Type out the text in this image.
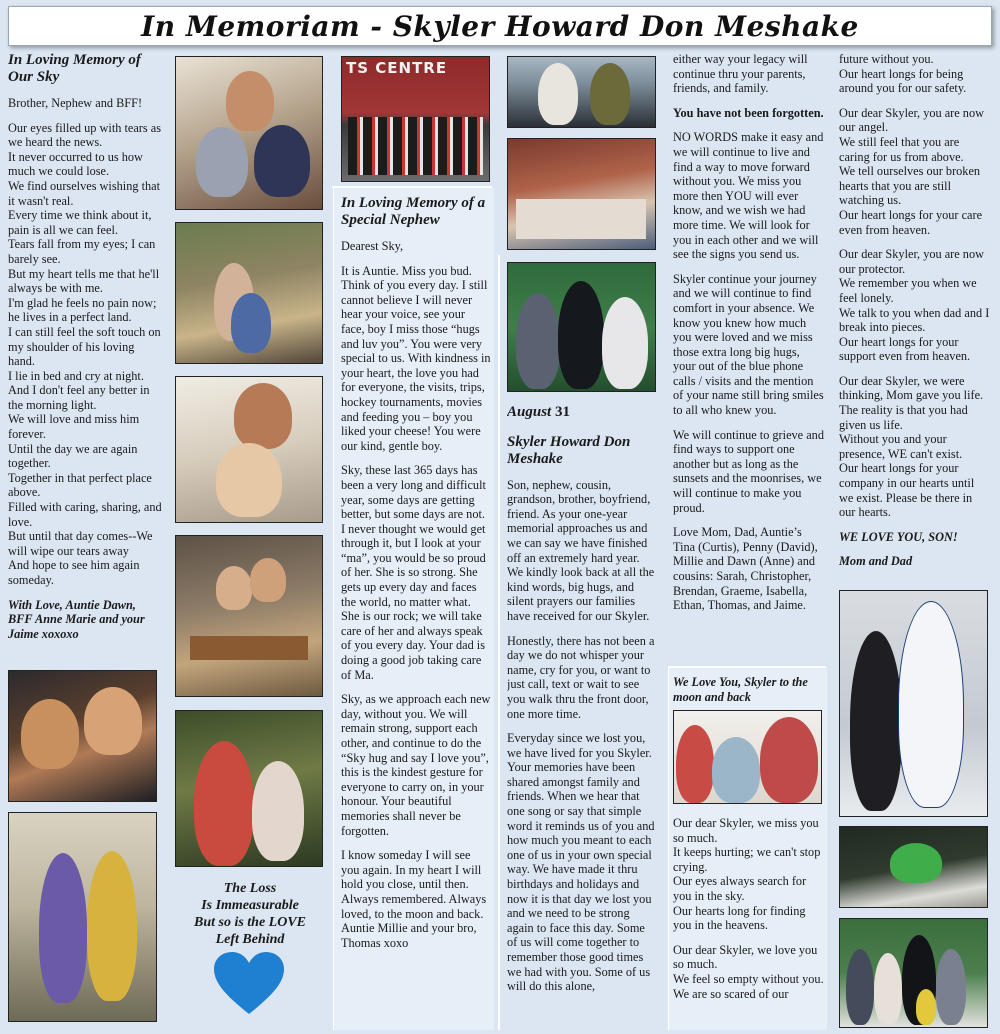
In Memoriam - Skyler Howard Don Meshake
In Loving Memory of Our Sky

Brother, Nephew and BFF!

Our eyes filled up with tears as we heard the news.
It never occurred to us how much we could lose.
We find ourselves wishing that it wasn't real.
Every time we think about it, pain is all we can feel.
Tears fall from my eyes; I can barely see.
But my heart tells me that he'll always be with me.
I'm glad he feels no pain now; he lives in a perfect land.
I can still feel the soft touch on my shoulder of his loving hand.
I lie in bed and cry at night.
And I don't feel any better in the morning light.
We will love and miss him forever.
Until the day we are again together.
Together in that perfect place above.
Filled with caring, sharing, and love.
But until that day comes--We will wipe our tears away
And hope to see him again someday.

With Love, Auntie Dawn, BFF Anne Marie and your Jaime xoxoxo

The Loss
Is Immeasurable
But so is the LOVE
Left Behind
TS CENTRE
In Loving Memory of a Special Nephew

Dearest Sky,

It is Auntie. Miss you bud. Think of you every day. I still cannot believe I will never hear your voice, see your face, boy I miss those “hugs and luv you”. You were very special to us. With kindness in your heart, the love you had for everyone, the visits, trips, hockey tournaments, movies and feeding you – boy you liked your cheese! You were our kind, gentle boy.

Sky, these last 365 days has been a very long and difficult year, some days are getting better, but some days are not. I never thought we would get through it, but I look at your “ma”, you would be so proud of her. She is so strong. She gets up every day and faces the world, no matter what. She is our rock; we will take care of her and always speak of you every day. Your dad is doing a good job taking care of Ma.

Sky, as we approach each new day, without you. We will remain strong, support each other, and continue to do the “Sky hug and say I love you”, this is the kindest gesture for everyone to carry on, in your honour. Your beautiful memories shall never be forgotten.

I know someday I will see you again. In my heart I will hold you close, until then. Always remembered. Always loved, to the moon and back. Auntie Millie and your bro, Thomas xoxo

August 31
Skyler Howard Don Meshake

Son, nephew, cousin, grandson, brother, boyfriend, friend. As your one-year memorial approaches us and we can say we have finished off an extremely hard year. We kindly look back at all the kind words, big hugs, and silent prayers our families have received for our Skyler.

Honestly, there has not been a day we do not whisper your name, cry for you, or want to just call, text or wait to see you walk thru the front door, one more time.

Everyday since we lost you, we have lived for you Skyler. Your memories have been shared amongst family and friends. When we hear that one song or say that simple word it reminds us of you and how much you meant to each one of us in your own special way. We have made it thru birthdays and holidays and now it is that day we lost you and we need to be strong again to face this day. Some of us will come together to remember those good times we had with you. Some of us will do this alone,

either way your legacy will continue thru your parents, friends, and family.

You have not been forgotten.

NO WORDS make it easy and we will continue to live and find a way to move forward without you. We miss you more then YOU will ever know, and we wish we had more time. We will look for you in each other and we will see the signs you send us.

Skyler continue your journey and we will continue to find comfort in your absence. We know you knew how much you were loved and we miss those extra long big hugs, your out of the blue phone calls / visits and the mention of your name still bring smiles to all who knew you.

We will continue to grieve and find ways to support one another but as long as the sunsets and the moonrises, we will continue to make you proud.

Love Mom, Dad, Auntie’s Tina (Curtis), Penny (David), Millie and Dawn (Anne) and cousins: Sarah, Christopher, Brendan, Graeme, Isabella, Ethan, Thomas, and Jaime.

We Love You, Skyler to the moon and back

Our dear Skyler, we miss you so much.
It keeps hurting; we can't stop crying.
Our eyes always search for you in the sky.
Our hearts long for finding you in the heavens.

Our dear Skyler, we love you so much.
We feel so empty without you.
We are so scared of our

future without you.
Our heart longs for being around you for our safety.

Our dear Skyler, you are now our angel.
We still feel that you are caring for us from above.
We tell ourselves our broken hearts that you are still watching us.
Our heart longs for your care even from heaven.

Our dear Skyler, you are now our protector.
We remember you when we feel lonely.
We talk to you when dad and I break into pieces.
Our heart longs for your support even from heaven.

Our dear Skyler, we were thinking, Mom gave you life. The reality is that you had given us life.
Without you and your presence, WE can't exist.
Our heart longs for your company in our hearts until we exist. Please be there in our hearts.

WE LOVE YOU, SON!

Mom and Dad
